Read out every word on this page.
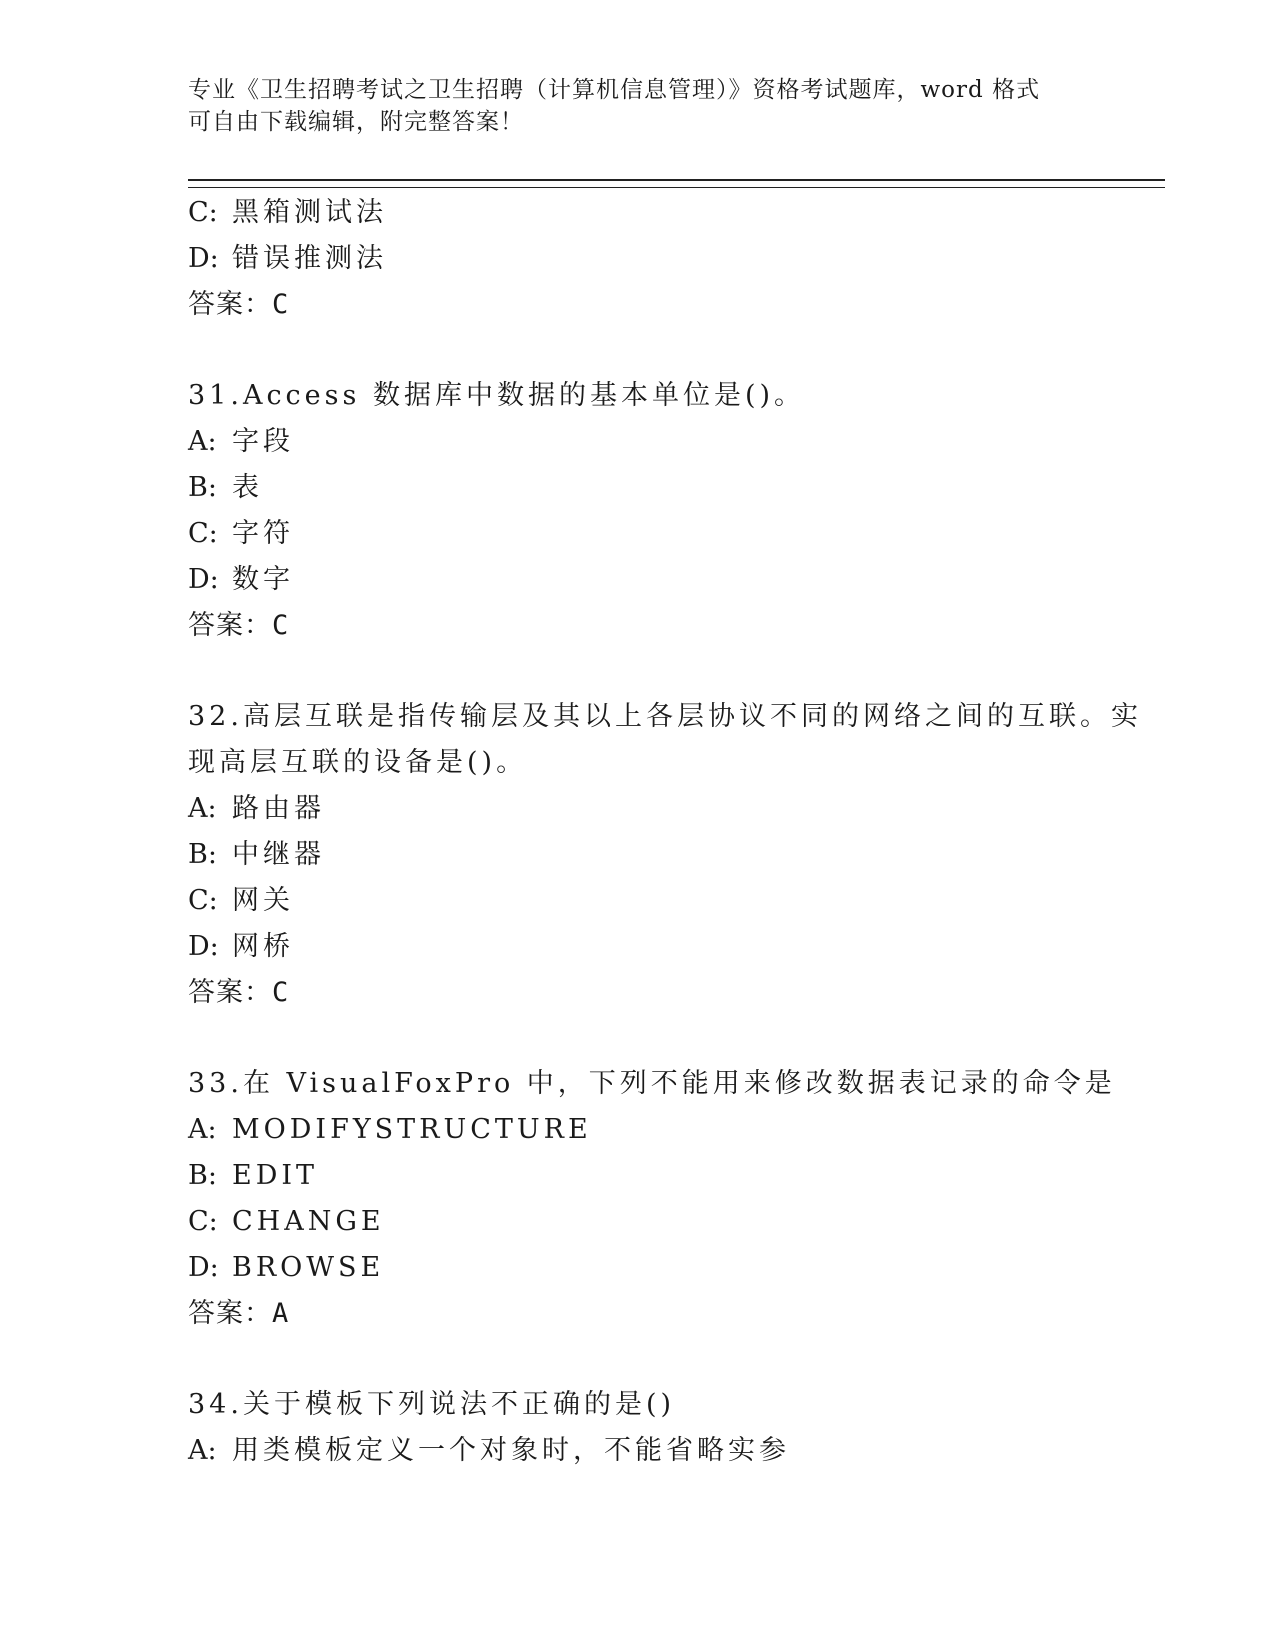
专业《卫生招聘考试之卫生招聘（计算机信息管理）》资格考试题库，word 格式
可自由下载编辑，附完整答案！
C: 黑箱测试法
D: 错误推测法
答案：C
31.Access 数据库中数据的基本单位是()。
A: 字段
B: 表
C: 字符
D: 数字
答案：C
32.高层互联是指传输层及其以上各层协议不同的网络之间的互联。实
现高层互联的设备是()。
A: 路由器
B: 中继器
C: 网关
D: 网桥
答案：C
33.在 VisualFoxPro 中，下列不能用来修改数据表记录的命令是
A: MODIFYSTRUCTURE
B: EDIT
C: CHANGE
D: BROWSE
答案：A
34.关于模板下列说法不正确的是()
A: 用类模板定义一个对象时，不能省略实参
